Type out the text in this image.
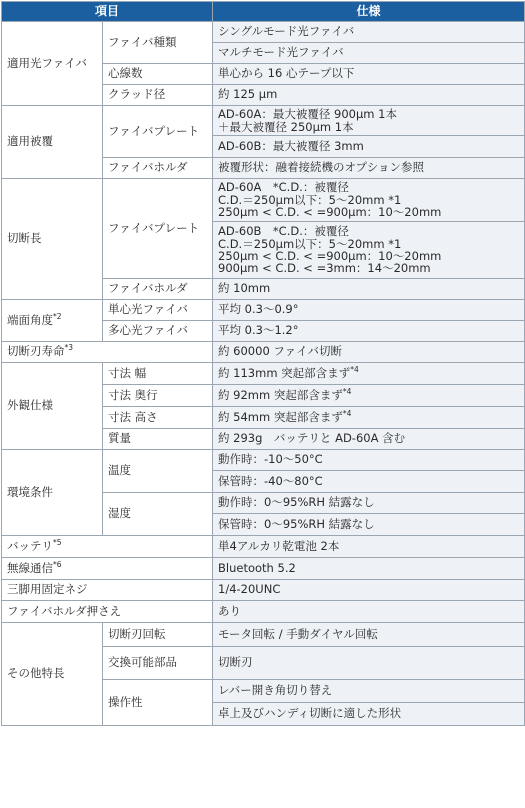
項目		仕様
適用光ファイバ	ファイバ種類	シングルモード光ファイバ
		マルチモード光ファイバ
	心線数	単心から 16 心テープ以下
	クラッド径	約 125 μm
適用被覆	ファイバプレート	AD-60A：最大被覆径 900μm 1本
＋最大被覆径 250μm 1本

		AD-60B：最大被覆径 3mm
	ファイバホルダ	被覆形状：融着接続機のオプション参照
切断長	ファイバプレート	AD-60A　*C.D.：被覆径
C.D.＝250μm以下：5～20mm *1
250μm < C.D. < =900μm：10～20mm

		AD-60B　*C.D.：被覆径
C.D.＝250μm以下：5～20mm *1
250μm < C.D. < =900μm：10～20mm
900μm < C.D. < =3mm：14～20mm

	ファイバホルダ	約 10mm
端面角度$^{*2}$	単心光ファイバ	平均 0.3～0.9°
	多心光ファイバ	平均 0.3～1.2°
切断刃寿命$^{*3}$		約 60000 ファイバ切断
外観仕様	寸法 幅	約 113mm 突起部含まず$^{*4}$
	寸法 奥行	約 92mm 突起部含まず$^{*4}$
	寸法 高さ	約 54mm 突起部含まず$^{*4}$
	質量	約 293g　バッテリと AD-60A 含む
環境条件	温度	動作時：-10～50°C
		保管時：-40～80°C
	湿度	動作時：0～95%RH 結露なし
		保管時：0～95%RH 結露なし
バッテリ$^{*5}$		単4アルカリ乾電池 2本
無線通信$^{*6}$		Bluetooth 5.2
三脚用固定ネジ		1/4-20UNC
ファイバホルダ押さえ		あり
その他特長	切断刃回転	モータ回転 / 手動ダイヤル回転
	交換可能部品	切断刃
	操作性	レバー開き角切り替え
		卓上及びハンディ切断に適した形状
